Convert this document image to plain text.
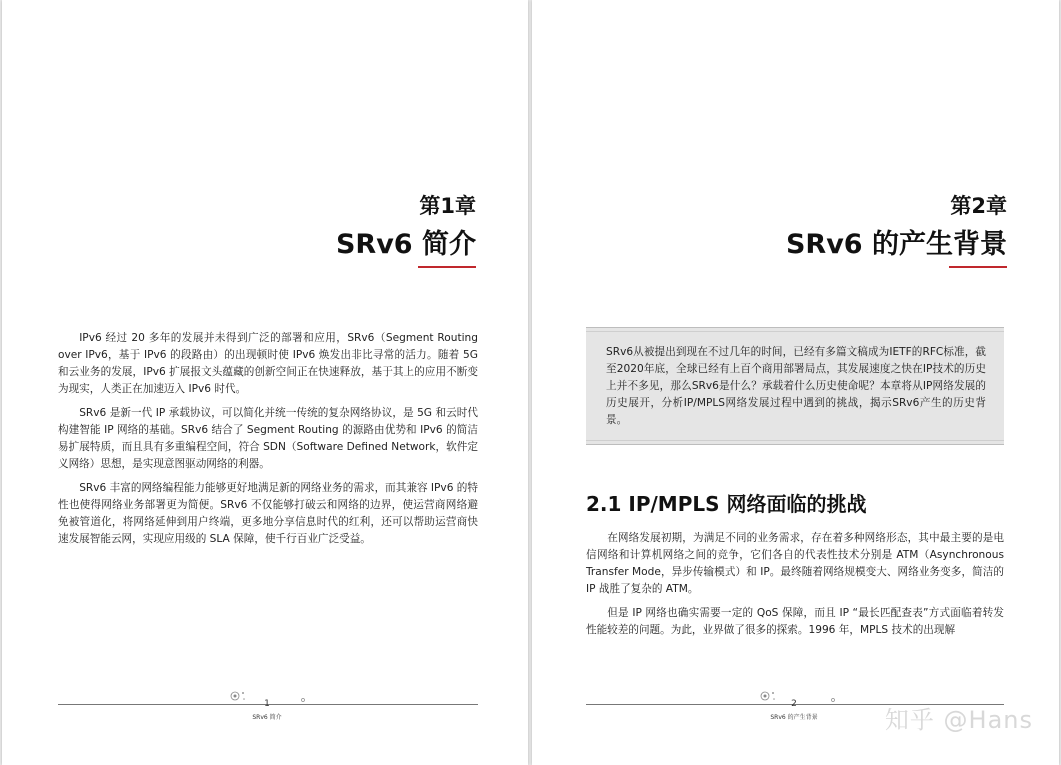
第1章
SRv6 简介

IPv6 经过 20 多年的发展并未得到广泛的部署和应用，SRv6（Segment Routing over IPv6，基于 IPv6 的段路由）的出现顿时使 IPv6 焕发出非比寻常的活力。随着 5G 和云业务的发展，IPv6 扩展报文头蕴藏的创新空间正在快速释放，基于其上的应用不断变为现实，人类正在加速迈入 IPv6 时代。

SRv6 是新一代 IP 承载协议，可以简化并统一传统的复杂网络协议，是 5G 和云时代构建智能 IP 网络的基础。SRv6 结合了 Segment Routing 的源路由优势和 IPv6 的简洁易扩展特质，而且具有多重编程空间，符合 SDN（Software Defined Network，软件定义网络）思想，是实现意图驱动网络的利器。

SRv6 丰富的网络编程能力能够更好地满足新的网络业务的需求，而其兼容 IPv6 的特性也使得网络业务部署更为简便。SRv6 不仅能够打破云和网络的边界，使运营商网络避免被管道化，将网络延伸到用户终端，更多地分享信息时代的红利，还可以帮助运营商快速发展智能云网，实现应用级的 SLA 保障，使千行百业广泛受益。

1
SRv6 简介
第2章
SRv6 的产生背景
SRv6从被提出到现在不过几年的时间，已经有多篇文稿成为IETF的RFC标准，截至2020年底，全球已经有上百个商用部署局点，其发展速度之快在IP技术的历史上并不多见，那么SRv6是什么？承载着什么历史使命呢？本章将从IP网络发展的历史展开，分析IP/MPLS网络发展过程中遇到的挑战，揭示SRv6产生的历史背景。
2.1 IP/MPLS 网络面临的挑战

在网络发展初期，为满足不同的业务需求，存在着多种网络形态，其中最主要的是电信网络和计算机网络之间的竞争，它们各自的代表性技术分别是 ATM（Asynchronous Transfer Mode，异步传输模式）和 IP。最终随着网络规模变大、网络业务变多，简洁的 IP 战胜了复杂的 ATM。

但是 IP 网络也确实需要一定的 QoS 保障，而且 IP “最长匹配查表”方式面临着转发性能较差的问题。为此，业界做了很多的探索。1996 年，MPLS 技术的出现解

2
SRv6 的产生背景	知乎 @Hans
